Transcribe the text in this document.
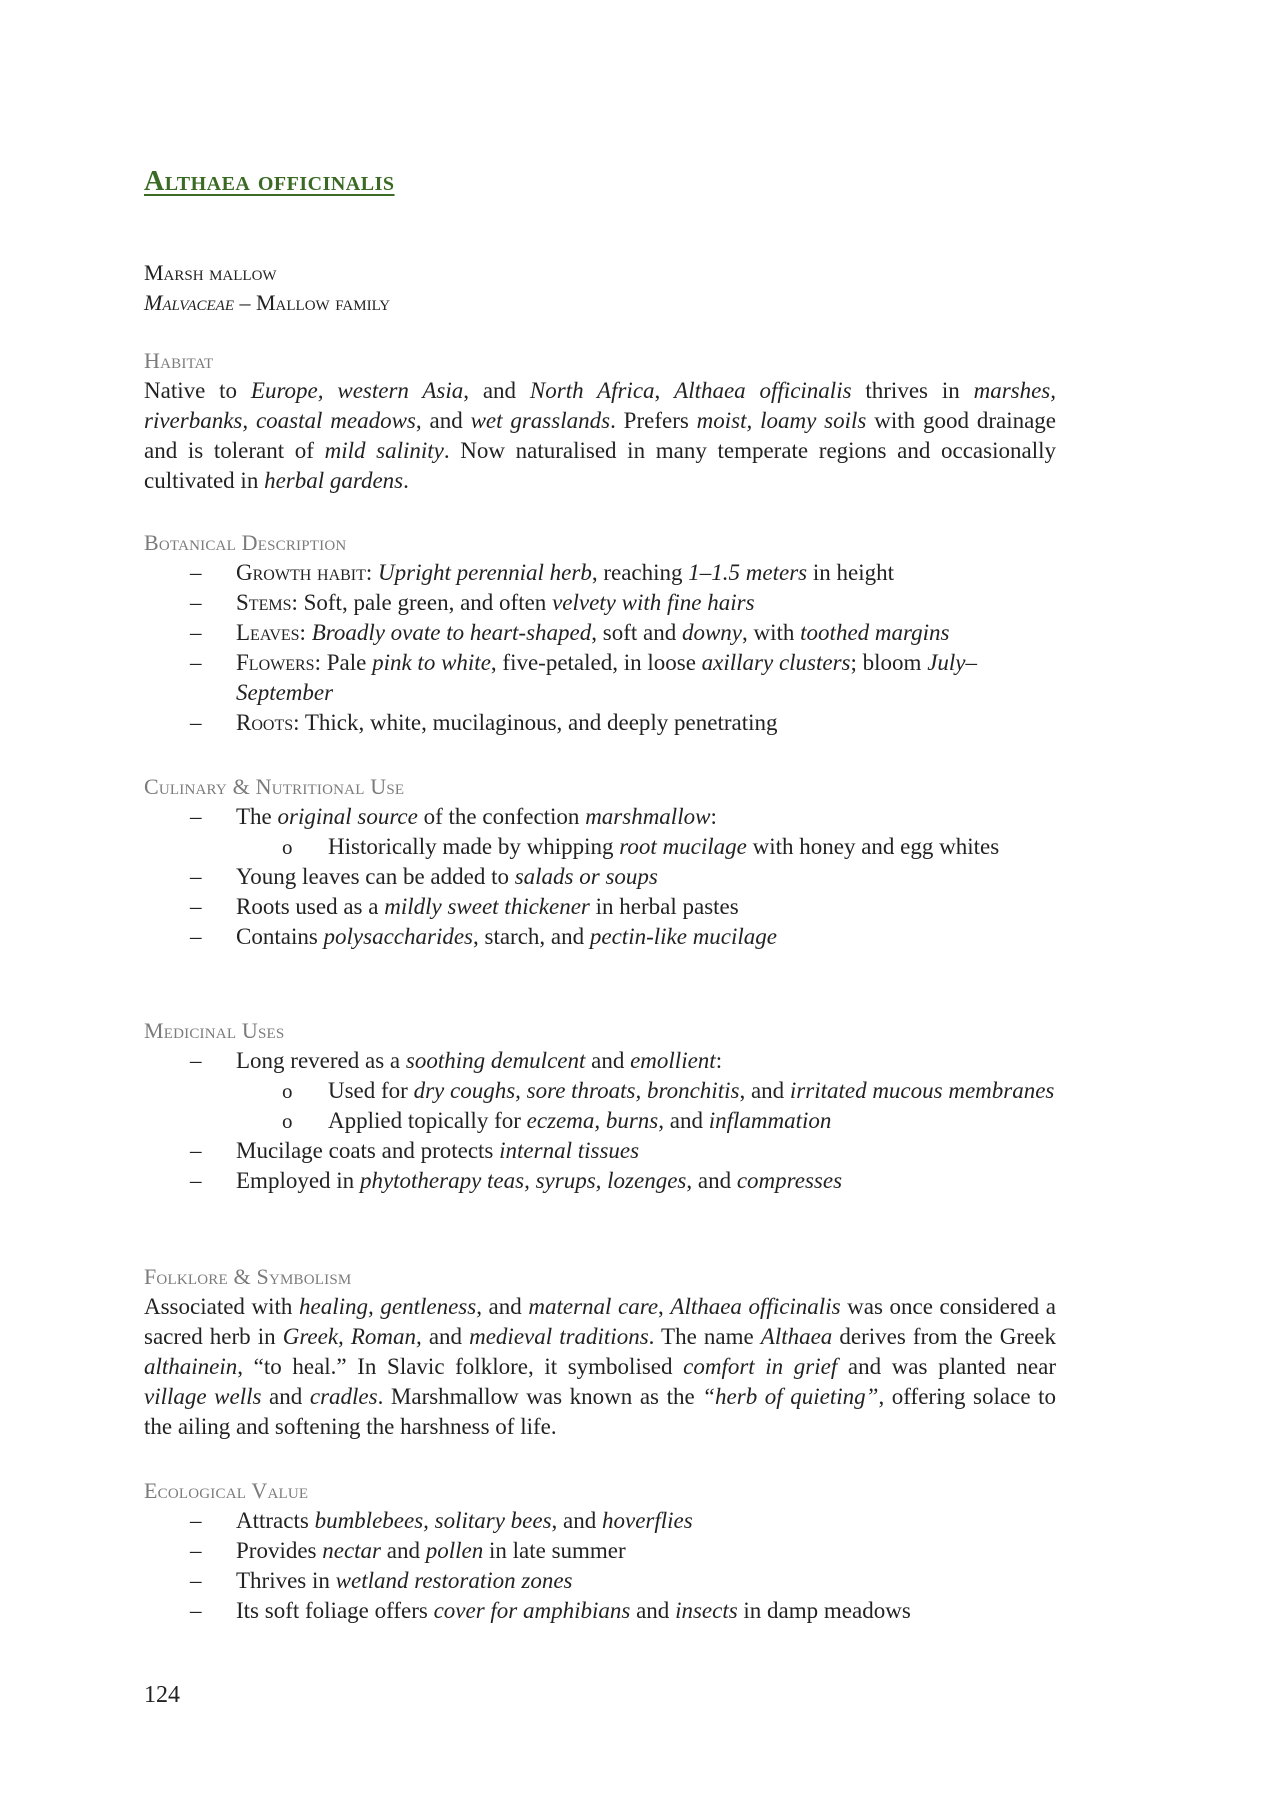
Althaea officinalis
Marsh mallow
Malvaceae – Mallow family
Habitat
Native to Europe, western Asia, and North Africa, Althaea officinalis thrives in marshes, riverbanks, coastal meadows, and wet grasslands. Prefers moist, loamy soils with good drainage and is tolerant of mild salinity. Now naturalised in many temperate regions and occasionally cultivated in herbal gardens.
Botanical Description
– Growth habit: Upright perennial herb, reaching 1–1.5 meters in height
– Stems: Soft, pale green, and often velvety with fine hairs
– Leaves: Broadly ovate to heart-shaped, soft and downy, with toothed margins
– Flowers: Pale pink to white, five-petaled, in loose axillary clusters; bloom July–September
– Roots: Thick, white, mucilaginous, and deeply penetrating
Culinary & Nutritional Use
– The original source of the confection marshmallow:
o Historically made by whipping root mucilage with honey and egg whites
– Young leaves can be added to salads or soups
– Roots used as a mildly sweet thickener in herbal pastes
– Contains polysaccharides, starch, and pectin-like mucilage
Medicinal Uses
– Long revered as a soothing demulcent and emollient:
o Used for dry coughs, sore throats, bronchitis, and irritated mucous membranes
o Applied topically for eczema, burns, and inflammation
– Mucilage coats and protects internal tissues
– Employed in phytotherapy teas, syrups, lozenges, and compresses
Folklore & Symbolism
Associated with healing, gentleness, and maternal care, Althaea officinalis was once considered a sacred herb in Greek, Roman, and medieval traditions. The name Althaea derives from the Greek althainein, “to heal.” In Slavic folklore, it symbolised comfort in grief and was planted near village wells and cradles. Marshmallow was known as the “herb of quieting”, offering solace to the ailing and softening the harshness of life.
Ecological Value
– Attracts bumblebees, solitary bees, and hoverflies
– Provides nectar and pollen in late summer
– Thrives in wetland restoration zones
– Its soft foliage offers cover for amphibians and insects in damp meadows
124
